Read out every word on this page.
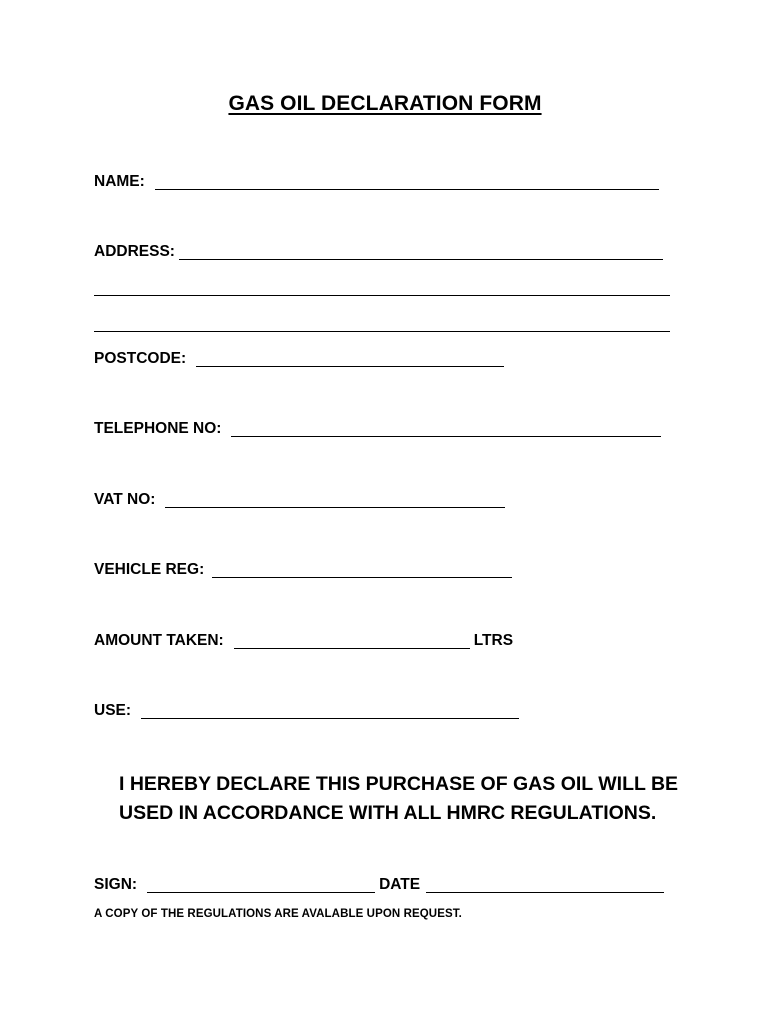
GAS OIL DECLARATION FORM
NAME:
ADDRESS:
POSTCODE:
TELEPHONE NO:
VAT NO:
VEHICLE REG:
AMOUNT TAKEN:	LTRS
USE:
I HEREBY DECLARE THIS PURCHASE OF GAS OIL WILL BE USED IN ACCORDANCE WITH ALL HMRC REGULATIONS.
SIGN:	DATE
A COPY OF THE REGULATIONS ARE AVALABLE UPON REQUEST.
